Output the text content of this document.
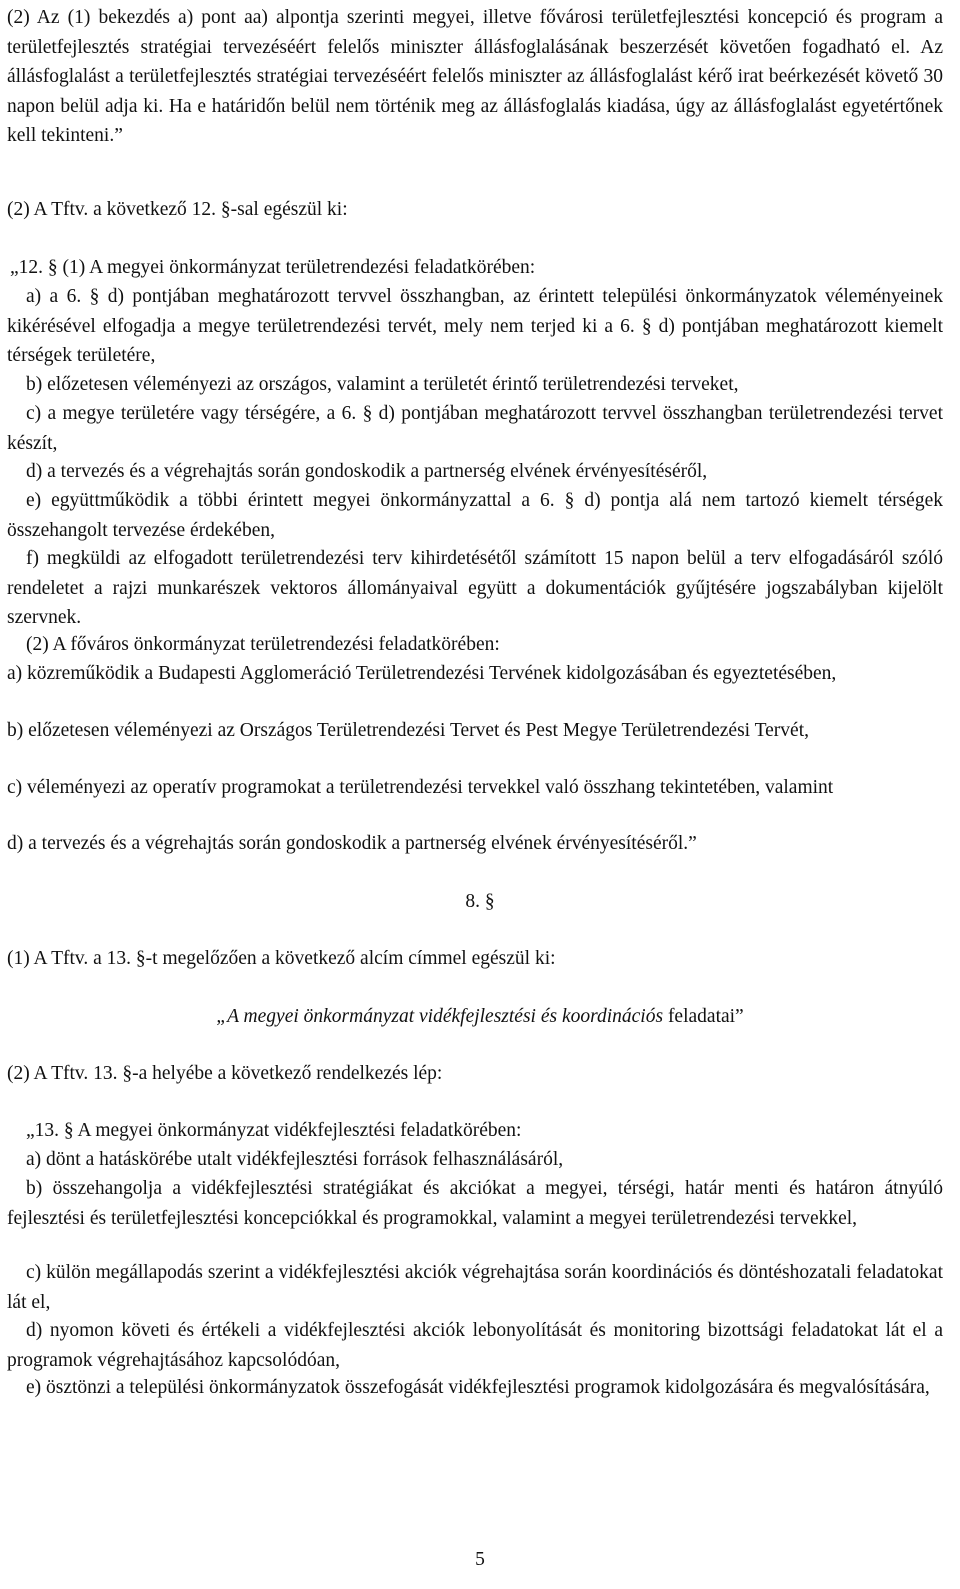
(2) Az (1) bekezdés a) pont aa) alpontja szerinti megyei, illetve fővárosi területfejlesztési koncepció és program a területfejlesztés stratégiai tervezéséért felelős miniszter állásfoglalásának beszerzését követően fogadható el. Az állásfoglalást a területfejlesztés stratégiai tervezéséért felelős miniszter az állásfoglalást kérő irat beérkezését követő 30 napon belül adja ki. Ha e határidőn belül nem történik meg az állásfoglalás kiadása, úgy az állásfoglalást egyetértőnek kell tekinteni.”

(2) A Tftv. a következő 12. §-sal egészül ki:

„12. § (1) A megyei önkormányzat területrendezési feladatkörében:

a) a 6. § d) pontjában meghatározott tervvel összhangban, az érintett települési önkormányzatok véleményeinek kikérésével elfogadja a megye területrendezési tervét, mely nem terjed ki a 6. § d) pontjában meghatározott kiemelt térségek területére,

b) előzetesen véleményezi az országos, valamint a területét érintő területrendezési terveket,

c) a megye területére vagy térségére, a 6. § d) pontjában meghatározott tervvel összhangban területrendezési tervet készít,

d) a tervezés és a végrehajtás során gondoskodik a partnerség elvének érvényesítéséről,

e) együttműködik a többi érintett megyei önkormányzattal a 6. § d) pontja alá nem tartozó kiemelt térségek összehangolt tervezése érdekében,

f) megküldi az elfogadott területrendezési terv kihirdetésétől számított 15 napon belül a terv elfogadásáról szóló rendeletet a rajzi munkarészek vektoros állományaival együtt a dokumentációk gyűjtésére jogszabályban kijelölt szervnek.

(2) A főváros önkormányzat területrendezési feladatkörében:

a) közreműködik a Budapesti Agglomeráció Területrendezési Tervének kidolgozásában és egyeztetésében,

b) előzetesen véleményezi az Országos Területrendezési Tervet és Pest Megye Területrendezési Tervét,

c) véleményezi az operatív programokat a területrendezési tervekkel való összhang tekintetében, valamint

d) a tervezés és a végrehajtás során gondoskodik a partnerség elvének érvényesítéséről.”

8. §

(1) A Tftv. a 13. §-t megelőzően a következő alcím címmel egészül ki:

„A megyei önkormányzat vidékfejlesztési és koordinációs feladatai”

(2) A Tftv. 13. §-a helyébe a következő rendelkezés lép:

„13. § A megyei önkormányzat vidékfejlesztési feladatkörében:

a) dönt a hatáskörébe utalt vidékfejlesztési források felhasználásáról,

b) összehangolja a vidékfejlesztési stratégiákat és akciókat a megyei, térségi, határ menti és határon átnyúló fejlesztési és területfejlesztési koncepciókkal és programokkal, valamint a megyei területrendezési tervekkel,

c) külön megállapodás szerint a vidékfejlesztési akciók végrehajtása során koordinációs és döntéshozatali feladatokat lát el,

d) nyomon követi és értékeli a vidékfejlesztési akciók lebonyolítását és monitoring bizottsági feladatokat lát el a programok végrehajtásához kapcsolódóan,

e) ösztönzi a települési önkormányzatok összefogását vidékfejlesztési programok kidolgozására és megvalósítására,

5
